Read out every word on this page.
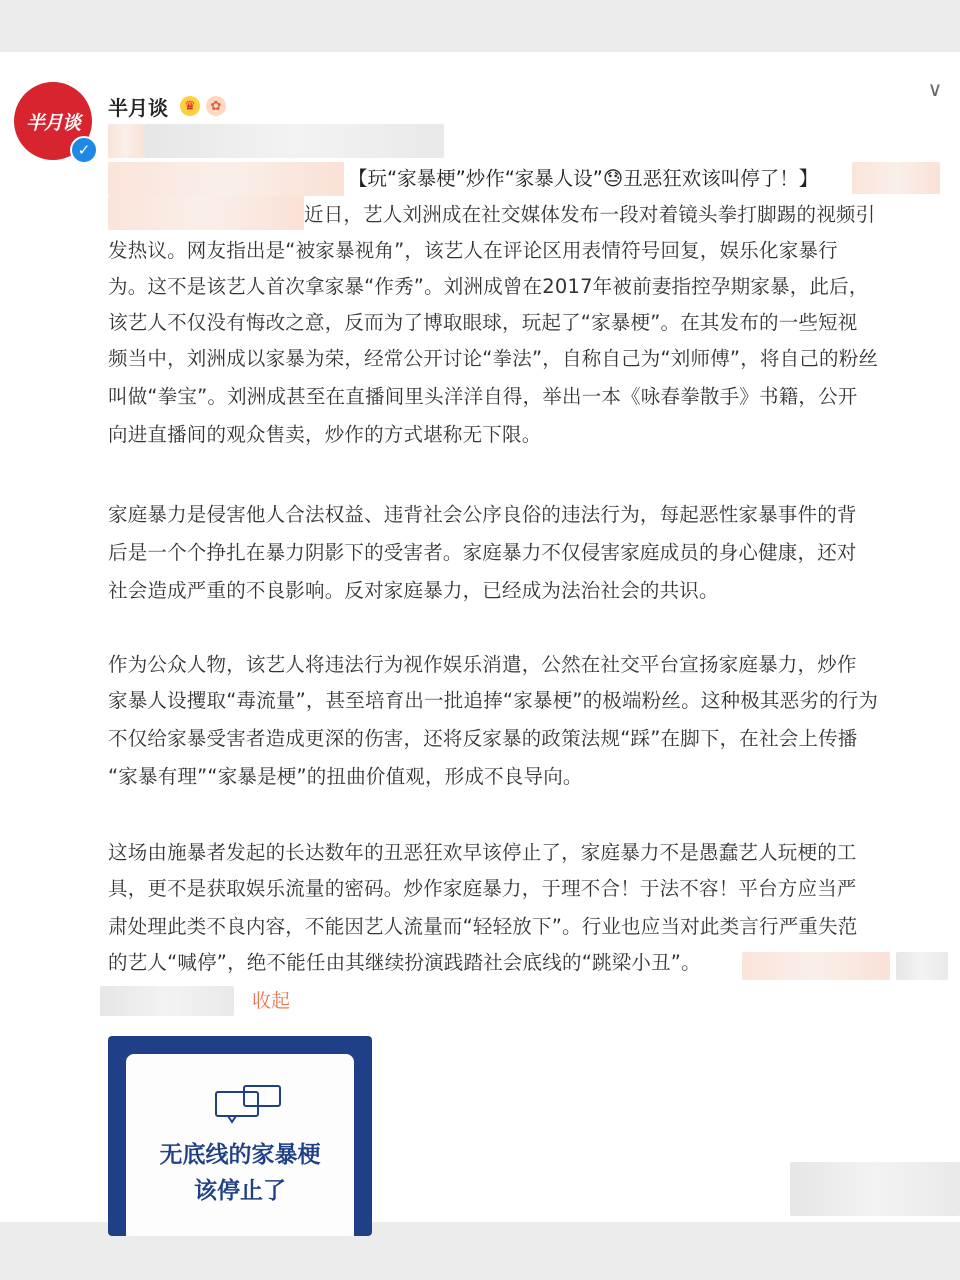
半月谈
✓
半月谈	♛	✿
∨
【玩“家暴梗”炒作“家暴人设”😓丑恶狂欢该叫停了！】
近日，艺人刘洲成在社交媒体发布一段对着镜头拳打脚踢的视频引
发热议。网友指出是“被家暴视角”，该艺人在评论区用表情符号回复，娱乐化家暴行
为。这不是该艺人首次拿家暴“作秀”。刘洲成曾在2017年被前妻指控孕期家暴，此后，
该艺人不仅没有悔改之意，反而为了博取眼球，玩起了“家暴梗”。在其发布的一些短视
频当中，刘洲成以家暴为荣，经常公开讨论“拳法”，自称自己为“刘师傅”，将自己的粉丝
叫做“拳宝”。刘洲成甚至在直播间里头洋洋自得，举出一本《咏春拳散手》书籍，公开
向进直播间的观众售卖，炒作的方式堪称无下限。
家庭暴力是侵害他人合法权益、违背社会公序良俗的违法行为，每起恶性家暴事件的背
后是一个个挣扎在暴力阴影下的受害者。家庭暴力不仅侵害家庭成员的身心健康，还对
社会造成严重的不良影响。反对家庭暴力，已经成为法治社会的共识。
作为公众人物，该艺人将违法行为视作娱乐消遣，公然在社交平台宣扬家庭暴力，炒作
家暴人设攫取“毒流量”，甚至培育出一批追捧“家暴梗”的极端粉丝。这种极其恶劣的行为
不仅给家暴受害者造成更深的伤害，还将反家暴的政策法规“踩”在脚下，在社会上传播
“家暴有理”“家暴是梗”的扭曲价值观，形成不良导向。
这场由施暴者发起的长达数年的丑恶狂欢早该停止了，家庭暴力不是愚蠢艺人玩梗的工
具，更不是获取娱乐流量的密码。炒作家庭暴力，于理不合！于法不容！平台方应当严
肃处理此类不良内容，不能因艺人流量而“轻轻放下”。行业也应当对此类言行严重失范
的艺人“喊停”，绝不能任由其继续扮演践踏社会底线的“跳梁小丑”。
收起
无底线的家暴梗
该停止了
